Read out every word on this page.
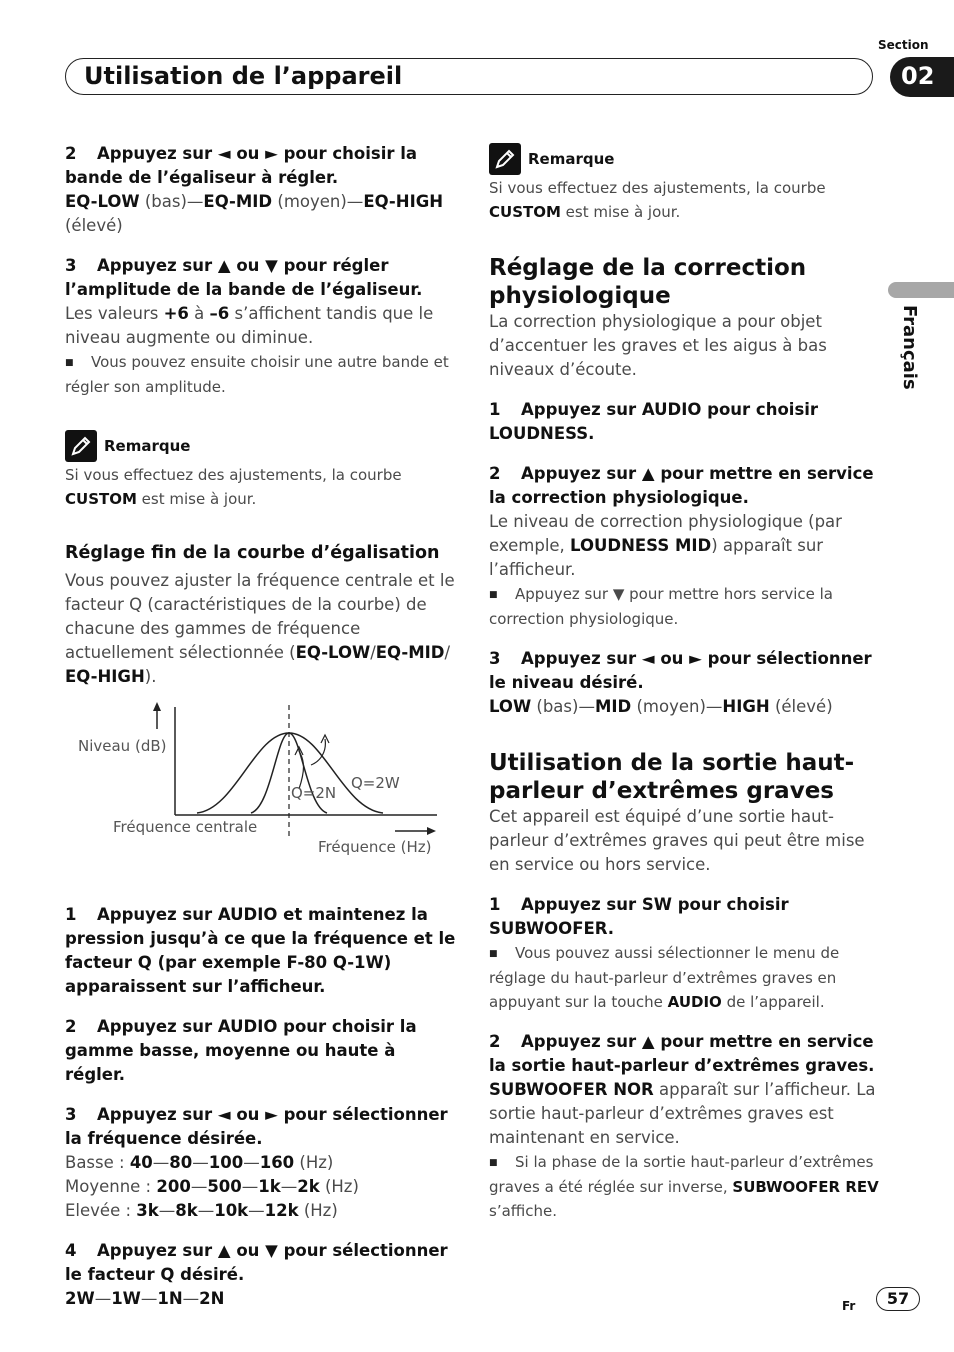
Section
Utilisation de l’appareil	02
Français
2 Appuyez sur ◄ ou ► pour choisir la bande de l’égaliseur à régler.
EQ-LOW (bas)—EQ-MID (moyen)—EQ-HIGH (élevé)
3 Appuyez sur ▲ ou ▼ pour régler l’amplitude de la bande de l’égaliseur.
Les valeurs +6 à –6 s’affichent tandis que le niveau augmente ou diminue.
■ Vous pouvez ensuite choisir une autre bande et régler son amplitude.
Remarque
Si vous effectuez des ajustements, la courbe CUSTOM est mise à jour.
Réglage fin de la courbe d’égalisation
Vous pouvez ajuster la fréquence centrale et le facteur Q (caractéristiques de la courbe) de chacune des gammes de fréquence actuellement sélectionnée (EQ-LOW/EQ-MID/ EQ-HIGH).
Niveau (dB)
Q=2N
Q=2W
Fréquence centrale
Fréquence (Hz)
1 Appuyez sur AUDIO et maintenez la pression jusqu’à ce que la fréquence et le facteur Q (par exemple F-80 Q-1W) apparaissent sur l’afficheur.
2 Appuyez sur AUDIO pour choisir la gamme basse, moyenne ou haute à régler.
3 Appuyez sur ◄ ou ► pour sélectionner la fréquence désirée.
Basse : 40—80—100—160 (Hz)
Moyenne : 200—500—1k—2k (Hz)
Elevée : 3k—8k—10k—12k (Hz)
4 Appuyez sur ▲ ou ▼ pour sélectionner le facteur Q désiré.
2W—1W—1N—2N
Remarque
Si vous effectuez des ajustements, la courbe CUSTOM est mise à jour.
Réglage de la correction physiologique
La correction physiologique a pour objet d’accentuer les graves et les aigus à bas niveaux d’écoute.
1 Appuyez sur AUDIO pour choisir LOUDNESS.
2 Appuyez sur ▲ pour mettre en service la correction physiologique.
Le niveau de correction physiologique (par exemple, LOUDNESS MID) apparaît sur l’afficheur.
■ Appuyez sur ▼ pour mettre hors service la correction physiologique.
3 Appuyez sur ◄ ou ► pour sélectionner le niveau désiré.
LOW (bas)—MID (moyen)—HIGH (élevé)
Utilisation de la sortie haut-parleur d’extrêmes graves
Cet appareil est équipé d’une sortie haut-parleur d’extrêmes graves qui peut être mise en service ou hors service.
1 Appuyez sur SW pour choisir SUBWOOFER.
■ Vous pouvez aussi sélectionner le menu de réglage du haut-parleur d’extrêmes graves en appuyant sur la touche AUDIO de l’appareil.
2 Appuyez sur ▲ pour mettre en service la sortie haut-parleur d’extrêmes graves.
SUBWOOFER NOR apparaît sur l’afficheur. La sortie haut-parleur d’extrêmes graves est maintenant en service.
■ Si la phase de la sortie haut-parleur d’extrêmes graves a été réglée sur inverse, SUBWOOFER REV s’affiche.
Fr	57
